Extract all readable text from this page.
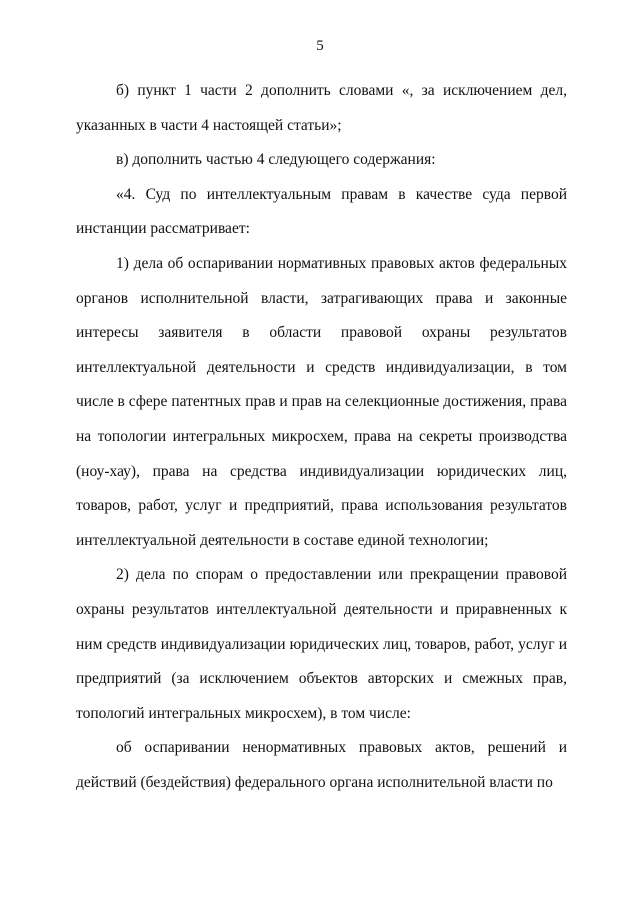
5

б) пункт 1 части 2 дополнить словами «, за исключением дел, указанных в части 4 настоящей статьи»;

в) дополнить частью 4 следующего содержания:

«4. Суд по интеллектуальным правам в качестве суда первой инстанции рассматривает:

1) дела об оспаривании нормативных правовых актов федеральных органов исполнительной власти, затрагивающих права и законные интересы заявителя в области правовой охраны результатов интеллектуальной деятельности и средств индивидуализации, в том числе в сфере патентных прав и прав на селекционные достижения, права на топологии интегральных микросхем, права на секреты производства (ноу-хау), права на средства индивидуализации юридических лиц, товаров, работ, услуг и предприятий, права использования результатов интеллектуальной деятельности в составе единой технологии;

2) дела по спорам о предоставлении или прекращении правовой охраны результатов интеллектуальной деятельности и приравненных к ним средств индивидуализации юридических лиц, товаров, работ, услуг и предприятий (за исключением объектов авторских и смежных прав, топологий интегральных микросхем), в том числе:

об оспаривании ненормативных правовых актов, решений и действий (бездействия) федерального органа исполнительной власти по
